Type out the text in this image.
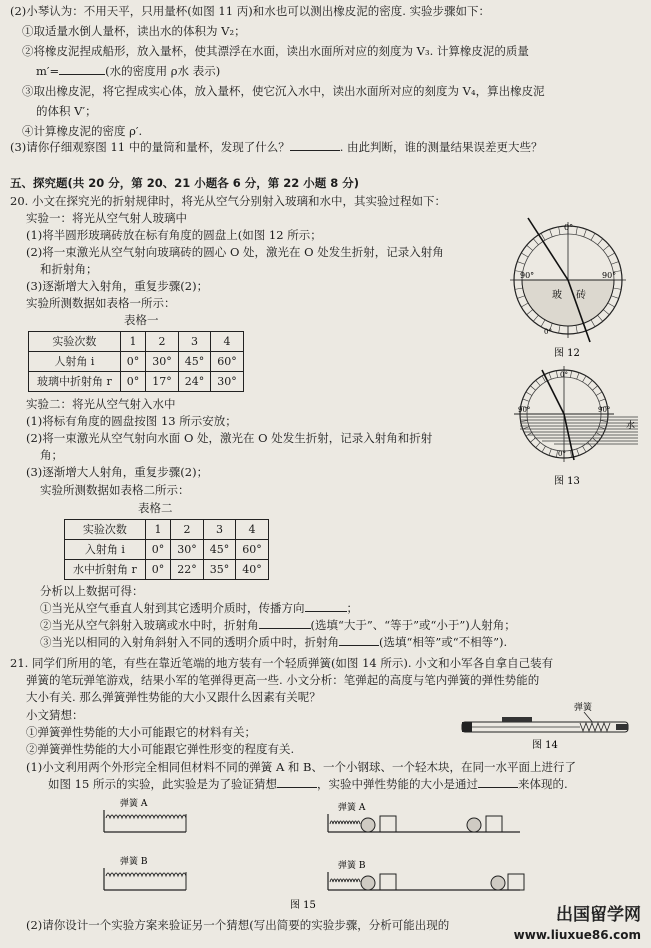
(2)小琴认为：不用天平，只用量杯(如图 11 丙)和水也可以测出橡皮泥的密度. 实验步骤如下：
①取适量水倒人量杯，读出水的体积为 V₂；
②将橡皮泥捏成船形，放入量杯，使其漂浮在水面，读出水面所对应的刻度为 V₃. 计算橡皮泥的质量
m′=	(水的密度用 ρ水 表示)
③取出橡皮泥，将它捏成实心体，放入量杯，使它沉入水中，读出水面所对应的刻度为 V₄，算出橡皮泥
的体积 V′；
④计算橡皮泥的密度 ρ′.
(3)请你仔细观察图 11 中的量筒和量杯，发现了什么？	. 由此判断，谁的测量结果误差更大些？
五、探究题(共 20 分，第 20、21 小题各 6 分，第 22 小题 8 分)
20. 小文在探究光的折射规律时，将光从空气分别射入玻璃和水中，其实验过程如下：
实验一：将光从空气射人玻璃中
(1)将半圆形玻璃砖放在标有角度的圆盘上(如图 12 所示；
(2)将一束激光从空气射向玻璃砖的圆心 O 处，激光在 O 处发生折射，记录入射角
和折射角；
(3)逐渐增大入射角，重复步骤(2)；
实验所测数据如表格一所示：
表格一
实验次数	1	2	3	4
人射角 i	0°	30°	45°	60°
玻璃中折射角 r	0°	17°	24°	30°
实验二：将光从空气射入水中
(1)将标有角度的圆盘按图 13 所示安放；
(2)将一束激光从空气射向水面 O 处，激光在 O 处发生折射，记录入射角和折射
角；
(3)逐渐增大人射角，重复步骤(2)；
实验所测数据如表格二所示：
表格二
实验次数	1	2	3	4
入射角 i	0°	30°	45°	60°
水中折射角 r	0°	22°	35°	40°
分析以上数据可得：
①当光从空气垂直人射到其它透明介质时，传播方向	；
②当光从空气斜射入玻璃或水中时，折射角	(选填“大于”、“等于”或“小于”)人射角；
③当光以相同的入射角斜射入不同的透明介质中时，折射角	(选填“相等”或“不相等”).
0°
90°	90°
玻 砖
0°
图 12
0°
90°	90°
0°
水
图 13
21. 同学们所用的笔，有些在靠近笔端的地方装有一个轻质弹簧(如图 14 所示). 小文和小军各自拿自己装有
弹簧的笔玩弹笔游戏，结果小军的笔弹得更高一些. 小文分析：笔弹起的高度与笔内弹簧的弹性势能的
大小有关. 那么弹簧弹性势能的大小又跟什么因素有关呢？
小文猜想：
①弹簧弹性势能的大小可能跟它的材料有关；
②弹簧弹性势能的大小可能跟它弹性形变的程度有关.
弹簧
图 14
(1)小文利用两个外形完全相同但材料不同的弹簧 A 和 B、一个小钢球、一个轻木块，在同一水平面上进行了
如图 15 所示的实验，此实验是为了验证猜想	，实验中弹性势能的大小是通过	来体现的.
弹簧 A
弹簧 B
弹簧 A
弹簧 B
图 15
(2)请你设计一个实验方案来验证另一个猜想(写出简要的实验步骤，分析可能出现的
出国留学网
www.liuxue86.com
